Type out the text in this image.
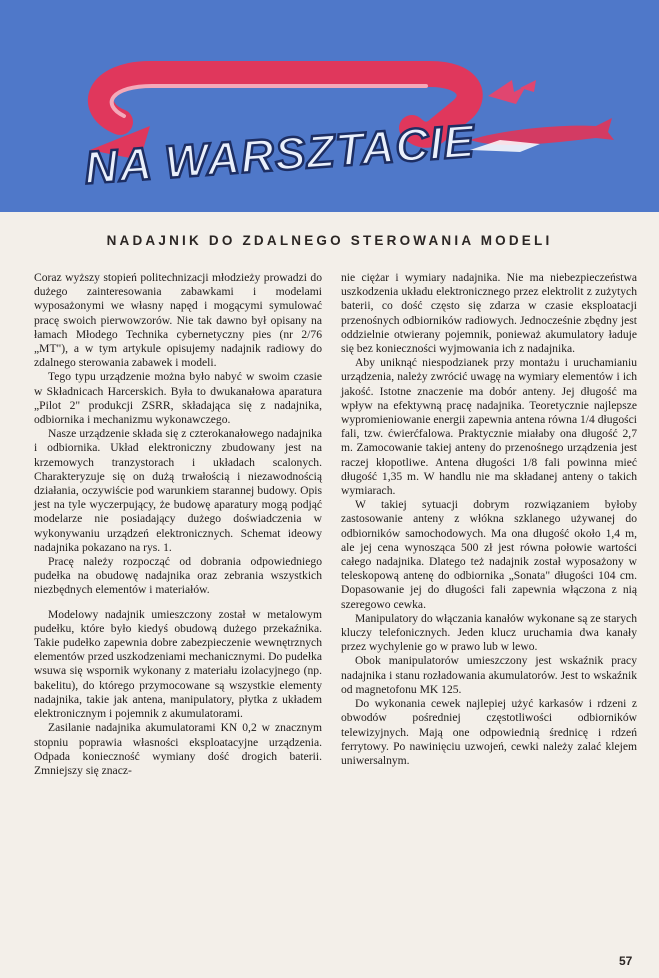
NA WARSZTACIE
NADAJNIK DO ZDALNEGO STEROWANIA MODELI

Coraz wyższy stopień politechnizacji młodzieży prowadzi do dużego zainteresowania zabawkami i modelami wyposażonymi we własny napęd i mogącymi symulować pracę swoich pierwowzorów. Nie tak dawno był opisany na łamach Młodego Technika cybernetyczny pies (nr 2/76 „MT"), a w tym artykule opisujemy nadajnik radiowy do zdalnego sterowania zabawek i modeli.

Tego typu urządzenie można było nabyć w swoim czasie w Składnicach Harcerskich. Była to dwukanałowa aparatura „Pilot 2" produkcji ZSRR, składająca się z nadajnika, odbiornika i mechanizmu wykonawczego.

Nasze urządzenie składa się z czterokanałowego nadajnika i odbiornika. Układ elektroniczny zbudowany jest na krzemowych tranzystorach i układach scalonych. Charakteryzuje się on dużą trwałością i niezawodnością działania, oczywiście pod warunkiem starannej budowy. Opis jest na tyle wyczerpujący, że budowę aparatury mogą podjąć modelarze nie posiadający dużego doświadczenia w wykonywaniu urządzeń elektronicznych. Schemat ideowy nadajnika pokazano na rys. 1.

Pracę należy rozpocząć od dobrania odpowiedniego pudełka na obudowę nadajnika oraz zebrania wszystkich niezbędnych elementów i materiałów.

Modelowy nadajnik umieszczony został w metalowym pudełku, które było kiedyś obudową dużego przekaźnika. Takie pudełko zapewnia dobre zabezpieczenie wewnętrznych elementów przed uszkodzeniami mechanicznymi. Do pudełka wsuwa się wspornik wykonany z materiału izolacyjnego (np. bakelitu), do którego przymocowane są wszystkie elementy nadajnika, takie jak antena, manipulatory, płytka z układem elektronicznym i pojemnik z akumulatorami.

Zasilanie nadajnika akumulatorami KN 0,2 w znacznym stopniu poprawia własności eksploatacyjne urządzenia. Odpada konieczność wymiany dość drogich baterii. Zmniejszy się znacz-

nie ciężar i wymiary nadajnika. Nie ma niebezpieczeństwa uszkodzenia układu elektronicznego przez elektrolit z zużytych baterii, co dość często się zdarza w czasie eksploatacji przenośnych odbiorników radiowych. Jednocześnie zbędny jest oddzielnie otwierany pojemnik, ponieważ akumulatory ładuje się bez konieczności wyjmowania ich z nadajnika.

Aby uniknąć niespodzianek przy montażu i uruchamianiu urządzenia, należy zwrócić uwagę na wymiary elementów i ich jakość. Istotne znaczenie ma dobór anteny. Jej długość ma wpływ na efektywną pracę nadajnika. Teoretycznie najlepsze wypromieniowanie energii zapewnia antena równa 1/4 długości fali, tzw. ćwierćfalowa. Praktycznie miałaby ona długość 2,7 m. Zamocowanie takiej anteny do przenośnego urządzenia jest raczej kłopotliwe. Antena długości 1/8 fali powinna mieć długość 1,35 m. W handlu nie ma składanej anteny o takich wymiarach.

W takiej sytuacji dobrym rozwiązaniem byłoby zastosowanie anteny z włókna szklanego używanej do odbiorników samochodowych. Ma ona długość około 1,4 m, ale jej cena wynosząca 500 zł jest równa połowie wartości całego nadajnika. Dlatego też nadajnik został wyposażony w teleskopową antenę do odbiornika „Sonata" długości 104 cm. Dopasowanie jej do długości fali zapewnia włączona z nią szeregowo cewka.

Manipulatory do włączania kanałów wykonane są ze starych kluczy telefonicznych. Jeden klucz uruchamia dwa kanały przez wychylenie go w prawo lub w lewo.

Obok manipulatorów umieszczony jest wskaźnik pracy nadajnika i stanu rozładowania akumulatorów. Jest to wskaźnik od magnetofonu MK 125.

Do wykonania cewek najlepiej użyć karkasów i rdzeni z obwodów pośredniej częstotliwości odbiorników telewizyjnych. Mają one odpowiednią średnicę i rdzeń ferrytowy. Po nawinięciu uzwojeń, cewki należy zalać klejem uniwersalnym.

57
